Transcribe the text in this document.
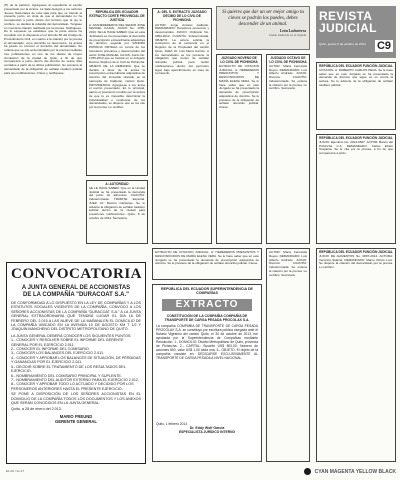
(H) de la petición. Agréguese al expediente el escrito presentado por la Actora. La Sala designó a los señores Jueces Nacionales de esta sala para que se tramite el presente juicio, en vista de que el demandado no ha comparecido a juicio dentro del término que la ley le confiere, se declara la rebeldía del demandado. Téngase en cuenta la citación realizada por la prensa. Notifíquese. De lo expuesto se establece que la parte actora ha cumplido con lo dispuesto en el artículo 82 del Código de Procedimiento Civil, en cuanto a la citación por la prensa al demandado, cuyo domicilio se desconoce. La actora ha jurado no conocer el domicilio del demandado. Se ordena que se cite al demandado por la prensa mediante tres publicaciones en uno de los diarios de mayor circulación de la ciudad de Quito, a fin de que comparezca a juicio dentro del término de veinte días contados a partir de la última publicación. Se previene al demandado de la obligación de señalar casillero judicial para sus notificaciones. Cítese y notifíquese.
REPÚBLICA DEL ECUADOR EXTRACTO CORTE PROVINCIAL DE JUSTICIA
A: AFAHEREDEROS DEL SEÑOR JOSE MANUEL CAJAS, JUICIO No. 1785-2013. SE LE HACE SABER: Que en esta Judicatura se ha presentado la demanda de prescripción extraordinaria adquisitiva de dominio, seguida por SANDRA PATRICIA ORTEGA en contra de los herederos presuntos y desconocidos del señor JOSE MANUEL CAJAS. Juicio No. 1785-2013 que se tramita en el Juzgado Décimo Séptimo de lo Civil de Pichincha. OBJETO DE LA DEMANDA: Que se declare a favor de la actora la prescripción extraordinaria adquisitiva de dominio del inmueble ubicado en la parroquia de Calderón, cantón Quito. PROVIDENCIA: Agréguese a los autos el escrito presentado. En lo principal, atento el juramento rendido por la actora de que le es imposible determinar la individualidad o residencia de los demandados, se dispone que se los cite por la prensa. Lo certifico.
A: AUTORIDAD
SE LE HACE SABER: Que en la Unidad Judicial se ha presentado la demanda del juicio de alimentos. CUANTÍA: Indeterminada. TRÁMITE: Especial. JUEZ: Dr. Ramiro Cárdenas. Se le advierte la obligación de señalar casillero judicial dentro de la ciudad para posteriores notificaciones. Quito, 8 de octubre de 2014. Secretaría.
A: DEL S. EXTRACTO JUZGADO DÉCIMO DE LO CIVIL DE PICHINCHA
ACTOR: Jorge Antonio Gallardo. DEMANDADO: Herederos presuntos y desconocidos. JUICIO: Ordinario No. 0952-2012. CUANTÍA: Indeterminada. OBJETO: La actora solicita la inscripción de la sentencia en el Registro de la Propiedad del cantón Quito. JUEZ: Dr. Luis Mena Carrión. A los demandados se les previene la obligación que tienen de señalar domicilio judicial para recibir notificaciones dentro del perímetro legal, bajo apercibimiento en caso de no hacerlo.
Si quieres que dar un ser mejor amigo tu cieves se podrán los puedes, debes descender de un animal.
León Lachoterra
Citado traducido en el original
JUZGADO NOVENO DE LO CIVIL DE PICHINCHA
EXTRACTO DE CITACIÓN JUDICIAL. A: HEREDEROS PRESUNTOS Y DESCONOCIDOS DE MARÍA ELENA VERA. Se le hace saber que en este Juzgado se ha presentado la demanda de prescripción adquisitiva de dominio. Se le previene de la obligación de señalar domicilio judicial. Cítese.
JUZGADO OCTAVO DE LO CIVIL DE PICHINCHA
ACTOR: María Fernanda Reyes. DEMANDADO: Luis Alberto Andrade. JUICIO: Divorcio. CUANTÍA: Indeterminada. Se ordena la citación por la prensa. Lo certifico. Secretario.
REVISTA JUDICIAL
Quito, jueves 9 de octubre de 2014	C9
REPÚBLICA DEL ECUADOR FUNCIÓN JUDICIAL
CITACIÓN. A: ROBERTO CARLOS PEÑA. Se le hace saber que en este Juzgado se ha presentado la demanda de divorcio que sigue en su contra la señora. Se le advierte de la obligación de señalar casillero judicial.
REPÚBLICA DEL ECUADOR FUNCIÓN JUDICIAL
JUICIO: Ejecutivo No. 2014-0567. ACTOR: Banco del Pichincha C.A. DEMANDADO: Carlos Efraín Toapanta. Se le cita por la prensa, a fin de que comparezca a juicio.
CONVOCATORIA
A JUNTA GENERAL DE ACCIONISTAS
DE LA COMPAÑÍA "DURACOAT S.A."
DE CONFORMIDAD A LO DISPUESTO EN LA LEY DE COMPAÑÍAS Y A LOS ESTATUTOS SOCIALES VIGENTES DE LA COMPAÑÍA, CONVOCO A LOS SEÑORES ACCIONISTAS DE LA COMPAÑÍA "DURACOAT S.A." A LA JUNTA GENERAL EXTRAORDINARIA QUE TENDRÁ LUGAR EL DÍA 16 DE FEBRERO DEL 2.015 A LAS NUEVE DE LA MAÑANA EN EL DOMICILIO DE LA COMPAÑÍA UBICADO EN LA AVENIDA 10 DE AGOSTO KM 7 1/2 Y JOAQUÍN MANCHENO DEL DISTRITO METROPOLITANO DE QUITO.
LA JUNTA GENERAL DEBERÁ CONOCER LOS SIGUIENTES PUNTOS:
1.- CONOCER Y RESOLVER SOBRE EL INFORME DEL GERENTE GENERAL POR EL EJERCICIO 2.011.
2.- CONOCER EL INFORME DEL COMISARIO.
3.- CONOCER LOS BALANCES DEL EJERCICIO 2.011.
4.- CONOCER Y APROBAR LOS BALANCES DE SITUACIÓN, DE PÉRDIDAS Y GANANCIAS POR EL EJERCICIO 2.011.
5.- DECIDIR SOBRE EL TRATAMIENTO DE LOS RESULTADOS DEL EJERCICIO.
6.- NOMBRAMIENTO DEL COMISARIO PRINCIPAL Y SUPLENTE.
7.- NOMBRAMIENTO DEL AUDITOR EXTERNO PARA EL EJERCICIO 2.012.
8.- CONOCER Y APROBAR TODO LO ACTUADO Y DECIDIDO POR LOS PERSONEROS ANTERIORES HASTA EL PRESENTE EJERCICIO.
SE PONE A DISPOSICIÓN DE LOS SEÑORES ACCIONISTAS EN EL DOMICILIO DE LA COMPAÑÍA TODOS LOS DOCUMENTOS Y LOS ANEXOS QUE SERÁN CONOCIDOS EN LA JUNTA GENERAL.
Quito, a 28 de enero del 2.013.
MARIO FREUND
GERENTE GENERAL
REPÚBLICA DEL ECUADOR SUPERINTENDENCIA DE COMPAÑÍAS
EXTRACTO
CONSTITUCIÓN DE LA COMPAÑÍA COMPAÑÍA DE TRANSPORTE DE CARGA PESADA PROCOLAX S.A.
La compañía COMPAÑÍA DE TRANSPORTE DE CARGA PESADA PROCOLAX S.A. se constituyó por escritura pública otorgada ante el Notario Vigésimo del cantón Quito, el 30 de octubre de 2013, fue aprobada por la Superintendencia de Compañías mediante Resolución. 1.- DOMICILIO: Distrito Metropolitano de Quito, provincia de Pichincha. 2.- CAPITAL: Suscrito US$ 800,00. Número de acciones 800, valor US$ 1,00 cada una. 3.- OBJETO: El objeto de la compañía consiste en: DEDICARSE EXCLUSIVAMENTE AL TRANSPORTE DE CARGA PESADA A NIVEL NACIONAL.
Quito, 1 febrero 2014
Dr. Eddy Wolf García
ESPECIALISTA JURÍDICO INTERNO
ACTOR: María Fernanda Reyes. DEMANDADO: Luis Alberto Andrade. JUICIO: Divorcio. CUANTÍA: Indeterminada. Se ordena la citación por la prensa. Lo certifico. Secretario.
REPÚBLICA DEL ECUADOR FUNCIÓN JUDICIAL
JUICIO DE ALIMENTOS No. 0897-2014. ACTORA: Verónica Salazar. DEMANDADO: Marco Vinicio Loor. Se dispone la citación del demandado por la prensa. Lo certifico.
EXTRACTO DE CITACIÓN JUDICIAL. A: HEREDEROS PRESUNTOS Y DESCONOCIDOS DE MARÍA ELENA VERA. Se le hace saber que en este Juzgado se ha presentado la demanda de prescripción adquisitiva de dominio. Se le previene de la obligación de señalar domicilio judicial. Cítese.
E1-00 / 21-17	CYAN MAGENTA YELLOW BLACK
